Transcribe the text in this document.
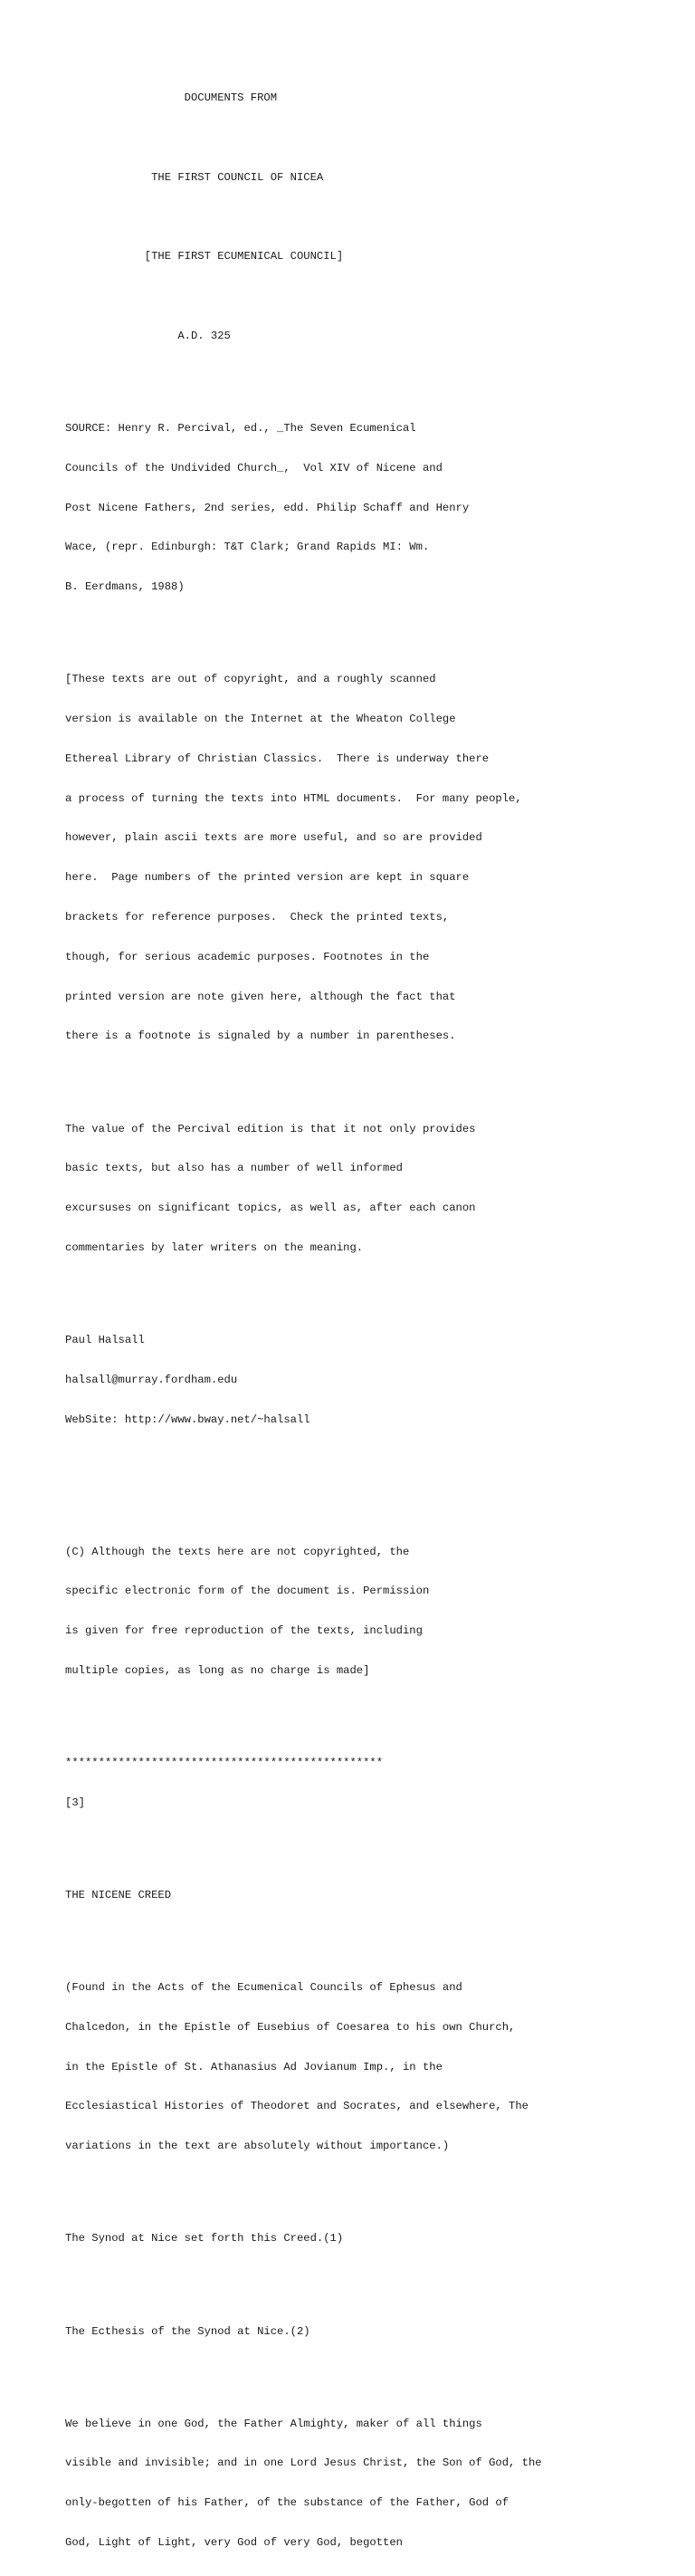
DOCUMENTS FROM

THE FIRST COUNCIL OF NICEA

[THE FIRST ECUMENICAL COUNCIL]

A.D. 325

SOURCE: Henry R. Percival, ed., _The Seven Ecumenical

Councils of the Undivided Church_,  Vol XIV of Nicene and

Post Nicene Fathers, 2nd series, edd. Philip Schaff and Henry

Wace, (repr. Edinburgh: T&T Clark; Grand Rapids MI: Wm.

B. Eerdmans, 1988)

[These texts are out of copyright, and a roughly scanned

version is available on the Internet at the Wheaton College

Ethereal Library of Christian Classics.  There is underway there

a process of turning the texts into HTML documents.  For many people,

however, plain ascii texts are more useful, and so are provided

here.  Page numbers of the printed version are kept in square

brackets for reference purposes.  Check the printed texts,

though, for serious academic purposes. Footnotes in the

printed version are note given here, although the fact that

there is a footnote is signaled by a number in parentheses.

The value of the Percival edition is that it not only provides

basic texts, but also has a number of well informed

excursuses on significant topics, as well as, after each canon

commentaries by later writers on the meaning.

Paul Halsall

halsall@murray.fordham.edu

WebSite: http://www.bway.net/~halsall

(C) Although the texts here are not copyrighted, the

specific electronic form of the document is. Permission

is given for free reproduction of the texts, including

multiple copies, as long as no charge is made]

************************************************

[3]

THE NICENE CREED

(Found in the Acts of the Ecumenical Councils of Ephesus and

Chalcedon, in the Epistle of Eusebius of Coesarea to his own Church,

in the Epistle of St. Athanasius Ad Jovianum Imp., in the

Ecclesiastical Histories of Theodoret and Socrates, and elsewhere, The

variations in the text are absolutely without importance.)

The Synod at Nice set forth this Creed.(1)

The Ecthesis of the Synod at Nice.(2)

We believe in one God, the Father Almighty, maker of all things

visible and invisible; and in one Lord Jesus Christ, the Son of God, the

only-begotten of his Father, of the substance of the Father, God of

God, Light of Light, very God of very God, begotten
